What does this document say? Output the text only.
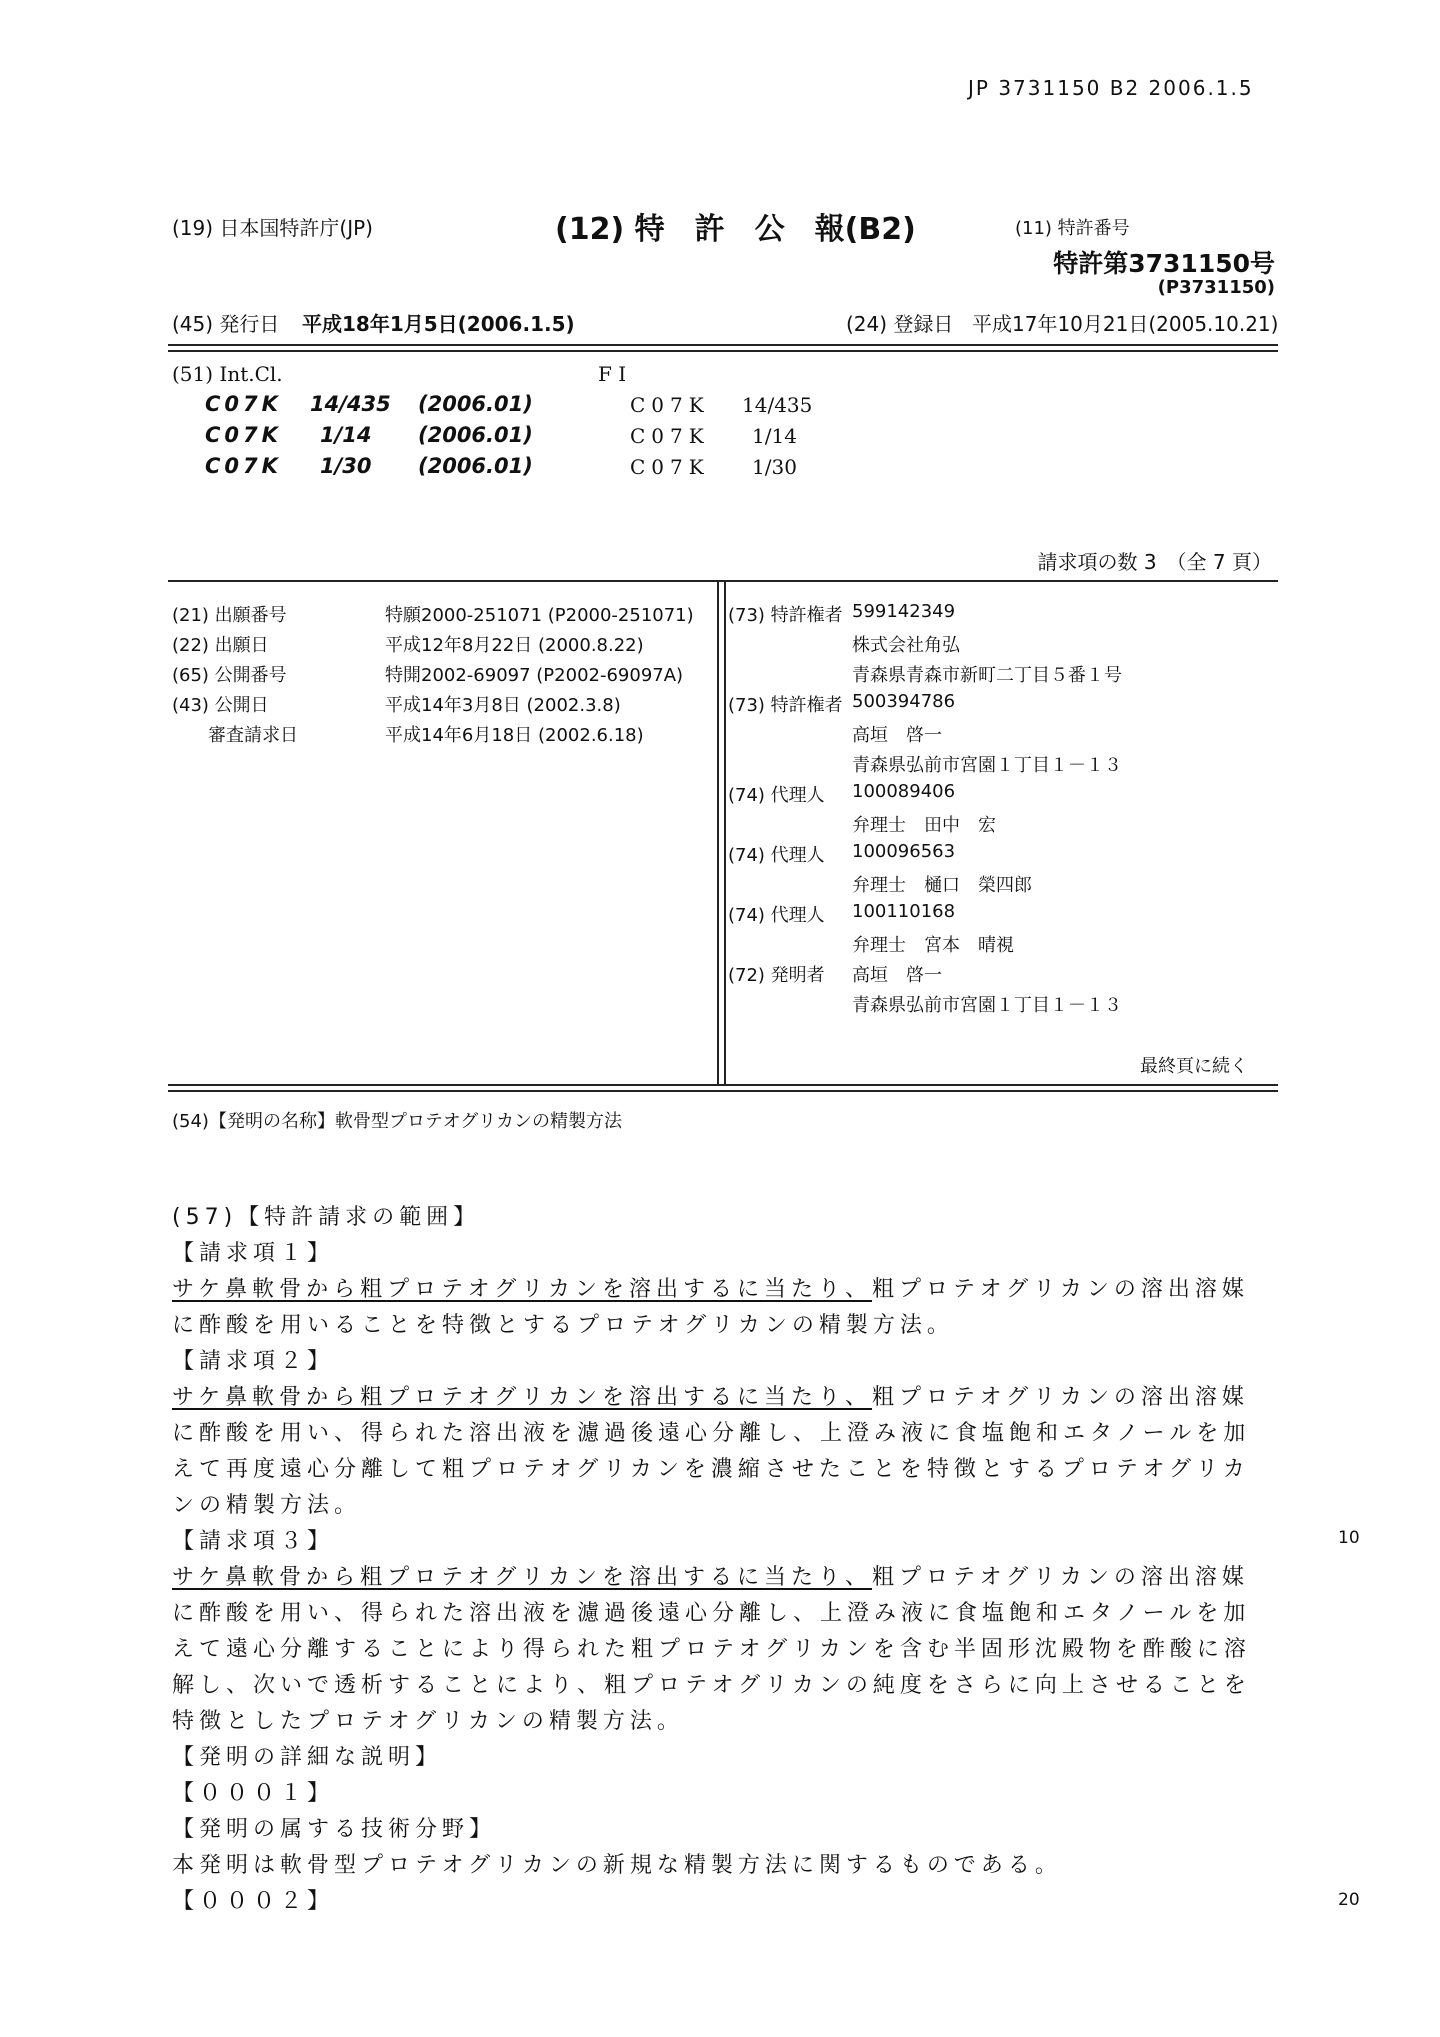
JP 3731150 B2 2006.1.5
(19) 日本国特許庁(JP)	(12) 特　許　公　報(B2)	(11) 特許番号
特許第3731150号
(P3731150)
(45) 発行日 平成18年1月5日(2006.1.5)	(24) 登録日 平成17年10月21日(2005.10.21)
(51) Int.Cl.	F I
C07K 14/435 (2006.01)	C07K 14/435
C07K 1/14 (2006.01)	C07K 1/14
C07K 1/30 (2006.01)	C07K 1/30
請求項の数 3　（全 7 頁）
(21) 出願番号	特願2000-251071 (P2000-251071)
(22) 出願日	平成12年8月22日 (2000.8.22)
(65) 公開番号	特開2002-69097 (P2002-69097A)
(43) 公開日	平成14年3月8日 (2002.3.8)
　　審査請求日	平成14年6月18日 (2002.6.18)
(73) 特許権者 599142349
株式会社角弘
青森県青森市新町二丁目５番１号
(73) 特許権者 500394786
高垣　啓一
青森県弘前市宮園１丁目１－１３
(74) 代理人 100089406
弁理士　田中　宏
(74) 代理人 100096563
弁理士　樋口　榮四郎
(74) 代理人 100110168
弁理士　宮本　晴視
(72) 発明者 高垣　啓一
青森県弘前市宮園１丁目１－１３
最終頁に続く
(54)【発明の名称】軟骨型プロテオグリカンの精製方法
(57)【特許請求の範囲】
【請求項１】
サケ鼻軟骨から粗プロテオグリカンを溶出するに当たり、粗プロテオグリカンの溶出溶媒
に酢酸を用いることを特徴とするプロテオグリカンの精製方法。
【請求項２】
サケ鼻軟骨から粗プロテオグリカンを溶出するに当たり、粗プロテオグリカンの溶出溶媒
に酢酸を用い、得られた溶出液を濾過後遠心分離し、上澄み液に食塩飽和エタノールを加
えて再度遠心分離して粗プロテオグリカンを濃縮させたことを特徴とするプロテオグリカ
ンの精製方法。
【請求項３】
サケ鼻軟骨から粗プロテオグリカンを溶出するに当たり、粗プロテオグリカンの溶出溶媒
に酢酸を用い、得られた溶出液を濾過後遠心分離し、上澄み液に食塩飽和エタノールを加
えて遠心分離することにより得られた粗プロテオグリカンを含む半固形沈殿物を酢酸に溶
解し、次いで透析することにより、粗プロテオグリカンの純度をさらに向上させることを
特徴としたプロテオグリカンの精製方法。
【発明の詳細な説明】
【０００１】
【発明の属する技術分野】
本発明は軟骨型プロテオグリカンの新規な精製方法に関するものである。
【０００２】
10
20
